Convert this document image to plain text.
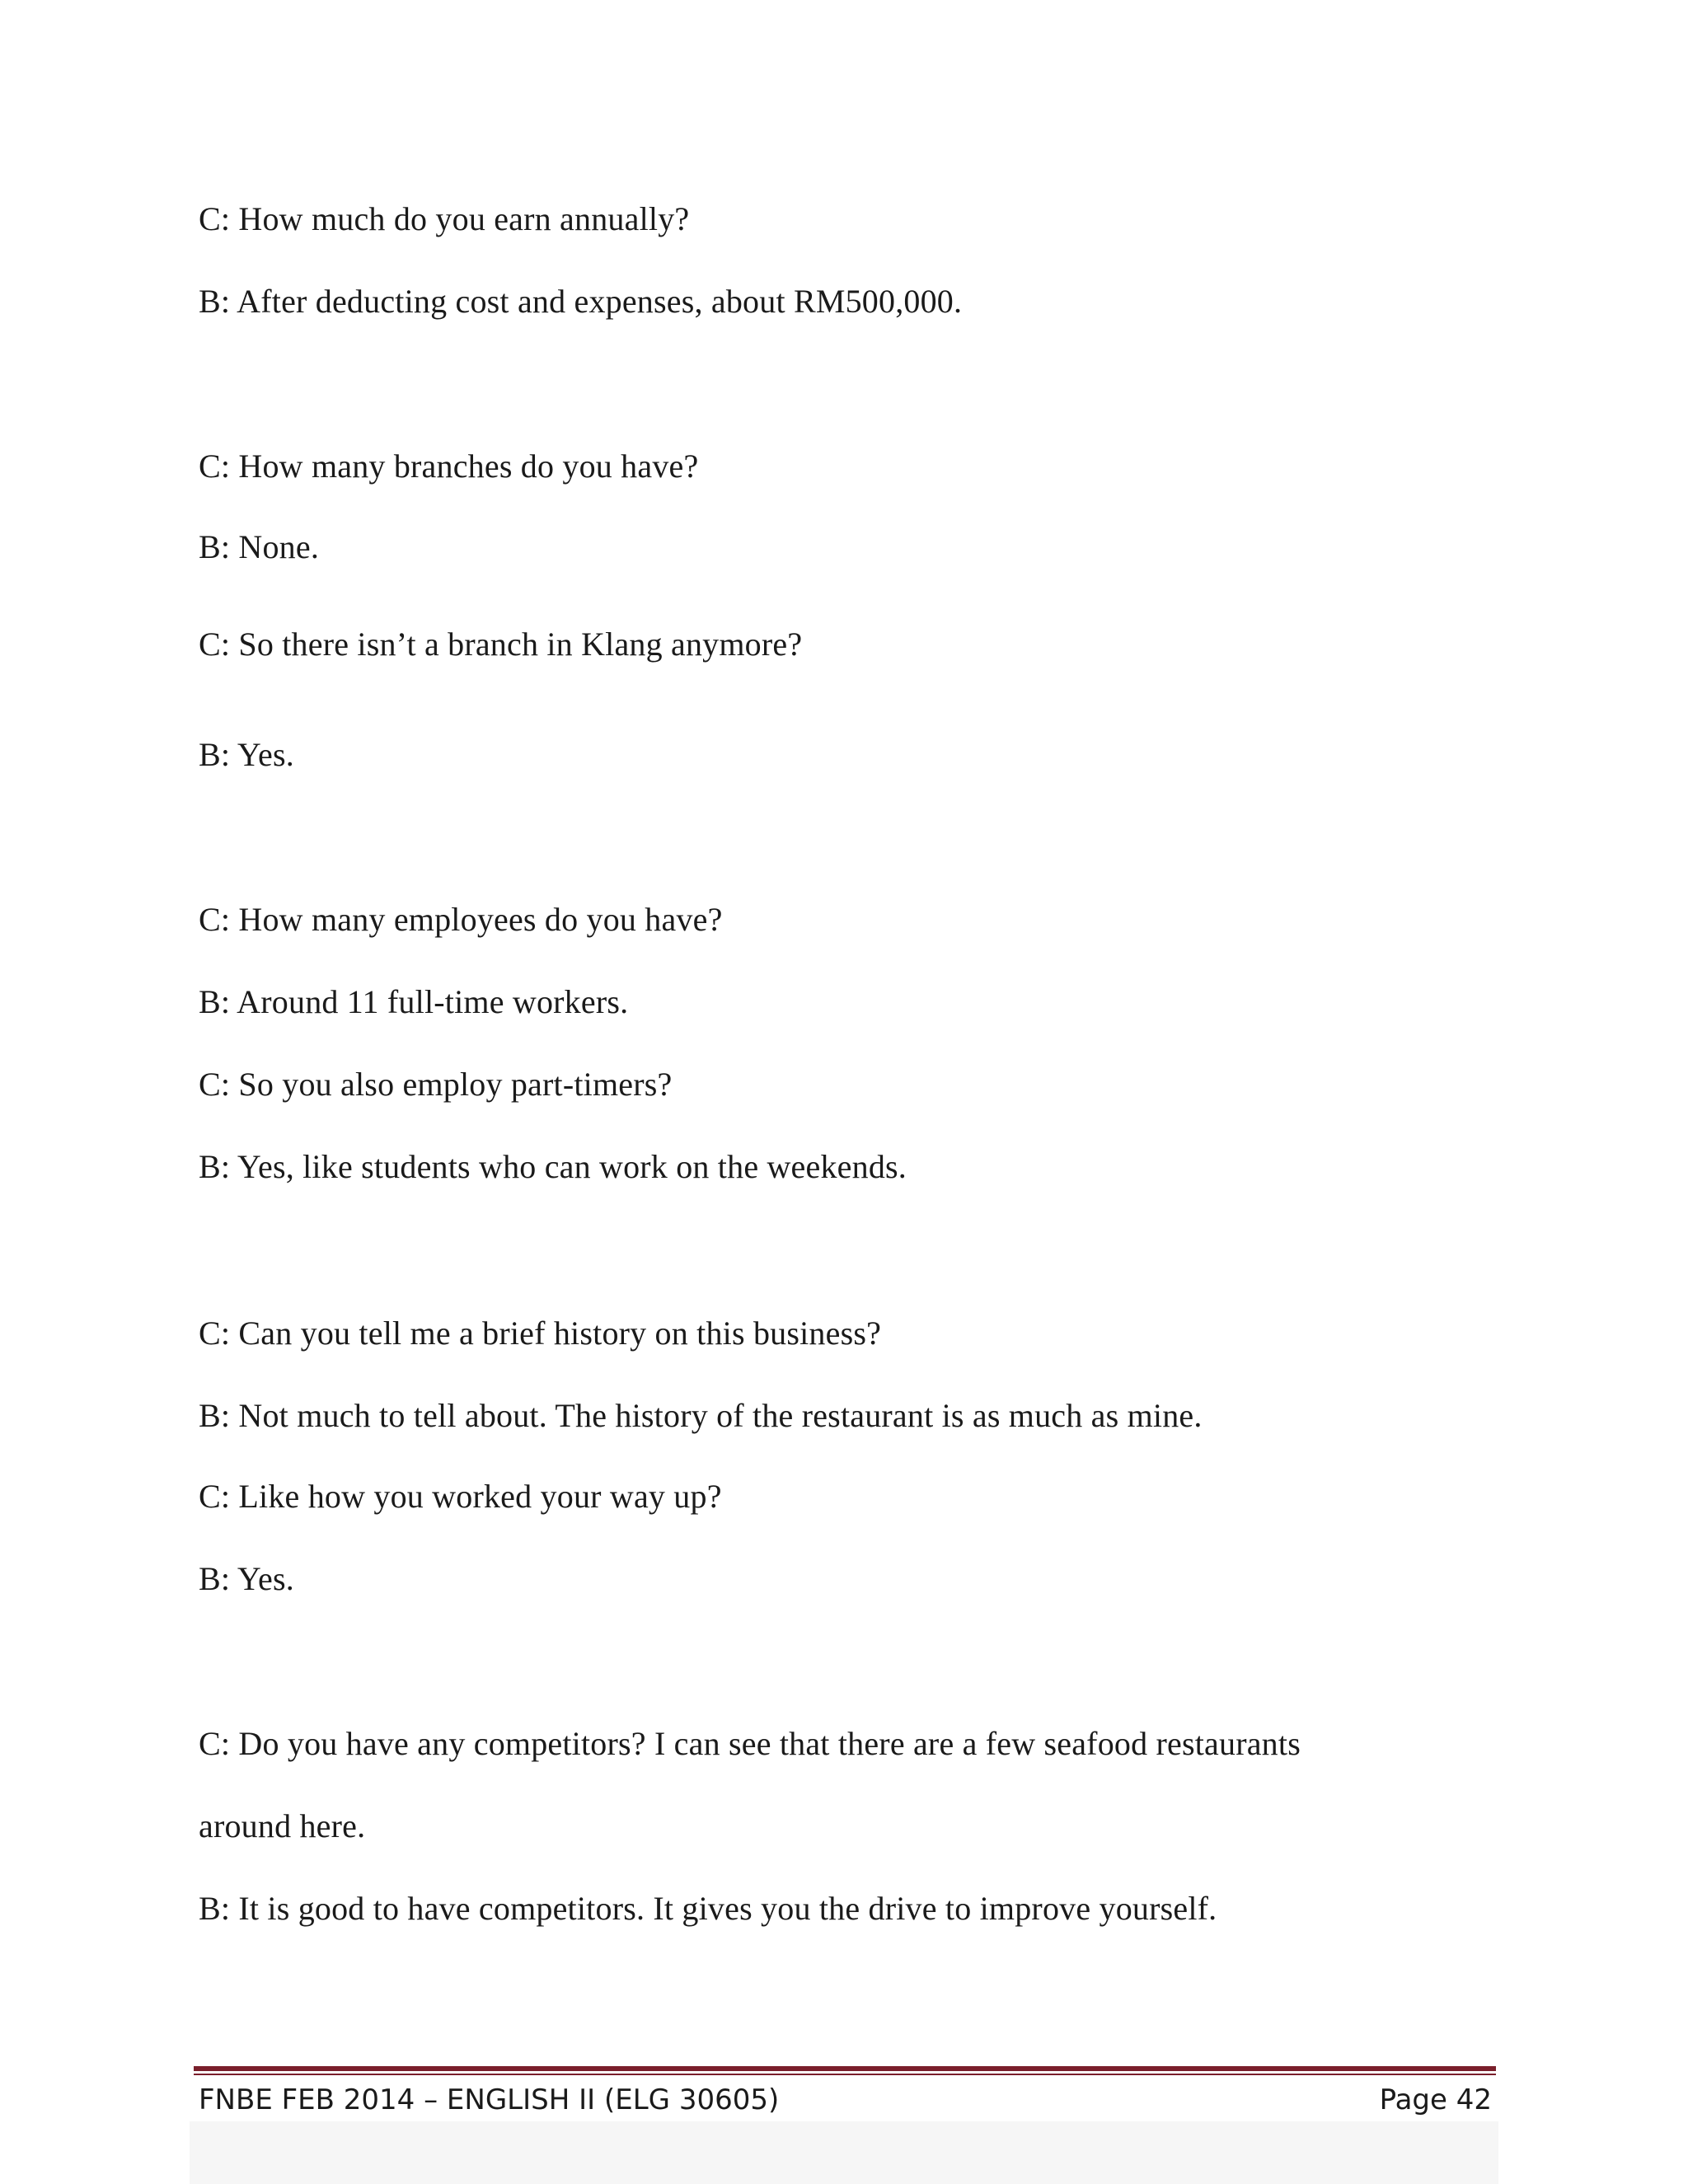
C: How much do you earn annually?
B: After deducting cost and expenses, about RM500,000.
C: How many branches do you have?
B: None.
C: So there isn’t a branch in Klang anymore?
B: Yes.
C: How many employees do you have?
B: Around 11 full-time workers.
C: So you also employ part-timers?
B: Yes, like students who can work on the weekends.
C: Can you tell me a brief history on this business?
B: Not much to tell about. The history of the restaurant is as much as mine.
C: Like how you worked your way up?
B: Yes.
C: Do you have any competitors? I can see that there are a few seafood restaurants
around here.
B: It is good to have competitors. It gives you the drive to improve yourself.
FNBE FEB 2014 – ENGLISH II (ELG 30605)	Page 42
